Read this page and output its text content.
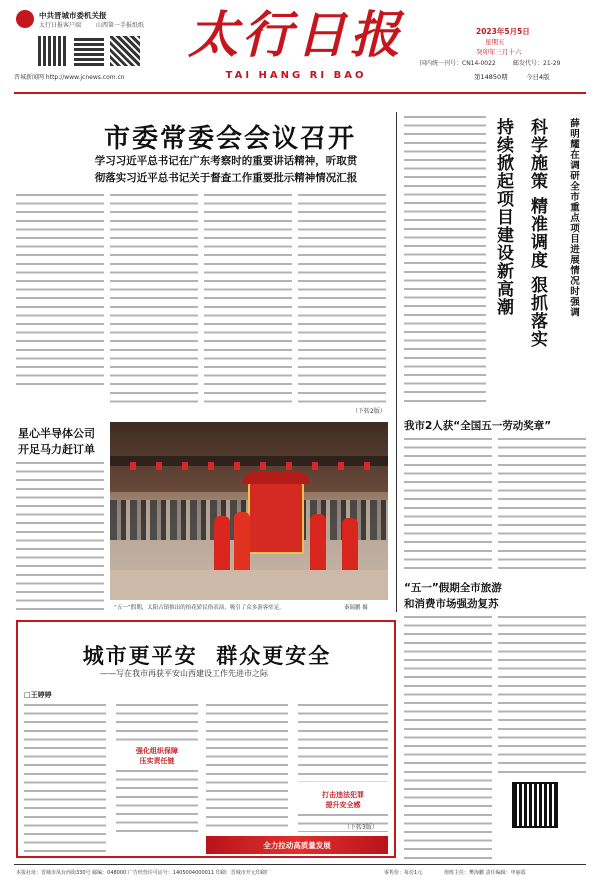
中共晋城市委机关报
太行日报客户端 山西第一手报纸纸
晋城新闻网 http://www.jcnews.com.cn
太行日报
TAI HANG RI BAO
2023年5月5日
星期五
癸卯年三月十六
国内统一刊号：CN14-0022	邮发代号：21-29
第14850期	今日4版
市委常委会会议召开
学习习近平总书记在广东考察时的重要讲话精神，听取贯
彻落实习近平总书记关于督查工作重要批示精神情况汇报
（下转2版）
薛明耀在调研全市重点项目进展情况时强调
科学施策 精准调度 狠抓落实
持续掀起项目建设新高潮
星心半导体公司
开足马力赶订单
“五一”假期，太阳古镇推出的抬花轿民俗表演，吸引了众多游客驻足。	秦瑞鹏 摄
我市2人获“全国五一劳动奖章”
“五一”假期全市旅游
和消费市场强劲复苏
城市更平安  群众更安全
——写在我市再获平安山西建设工作先进市之际
□王婷婷
强化组织保障
压实责任链
打击违法犯罪
提升安全感
（下转3版）
全力拉动高质量发展
本报社址：晋城市凤台西街330号 邮编：048000 广告经营许可证号：1405004000011 印刷：晋城市开元印刷厂	零售价：每份1元	值班主任：樊海鹏 责任编辑：申丽霞
